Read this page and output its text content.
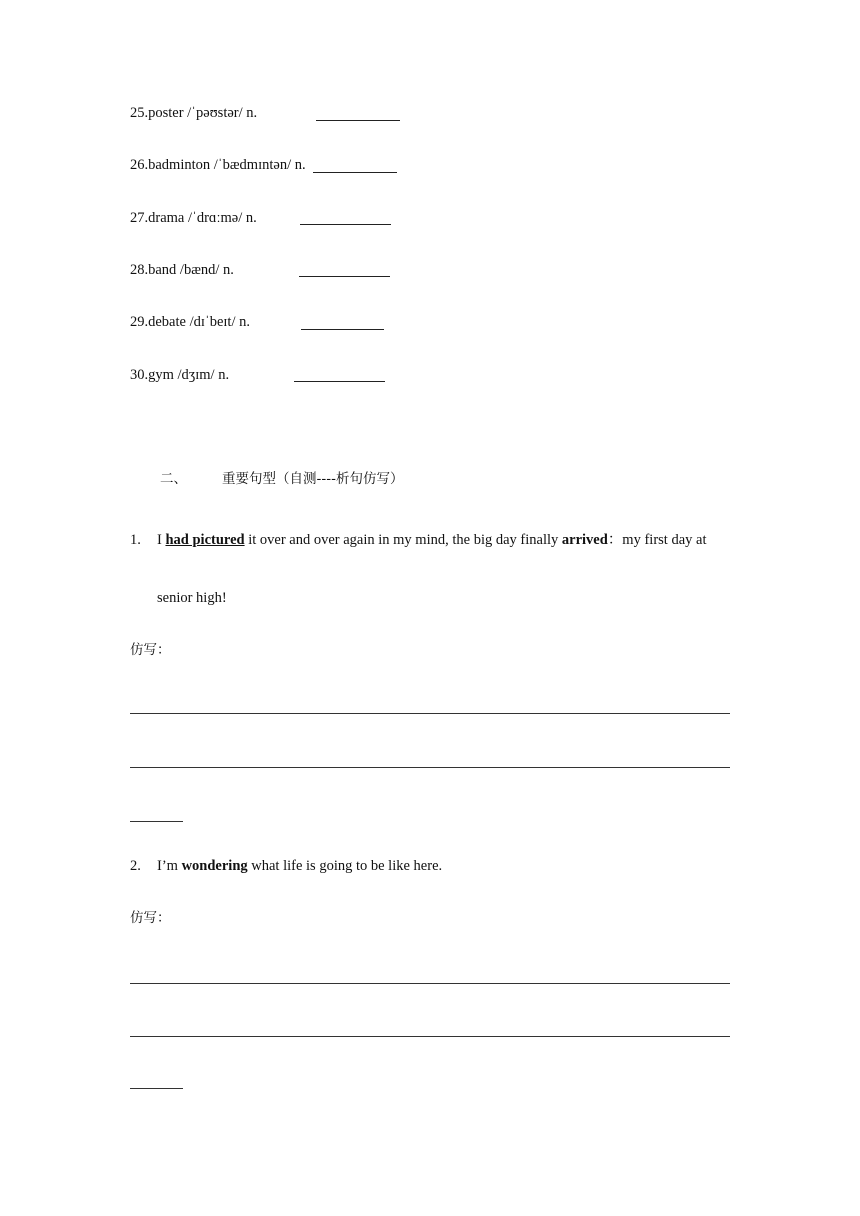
25.poster /ˈpəʊstər/ n.
26.badminton /ˈbædmɪntən/ n.
27.drama /ˈdrɑːmə/ n.
28.band /bænd/ n.
29.debate /dɪˈbeɪt/ n.
30.gym /dʒɪm/ n.
二、	重要句型（自测----析句仿写）
1. I had pictured it over and over again in my mind, the big day finally arrived：my first day at
senior high!
仿写：
2. I’m wondering what life is going to be like here.
仿写：
